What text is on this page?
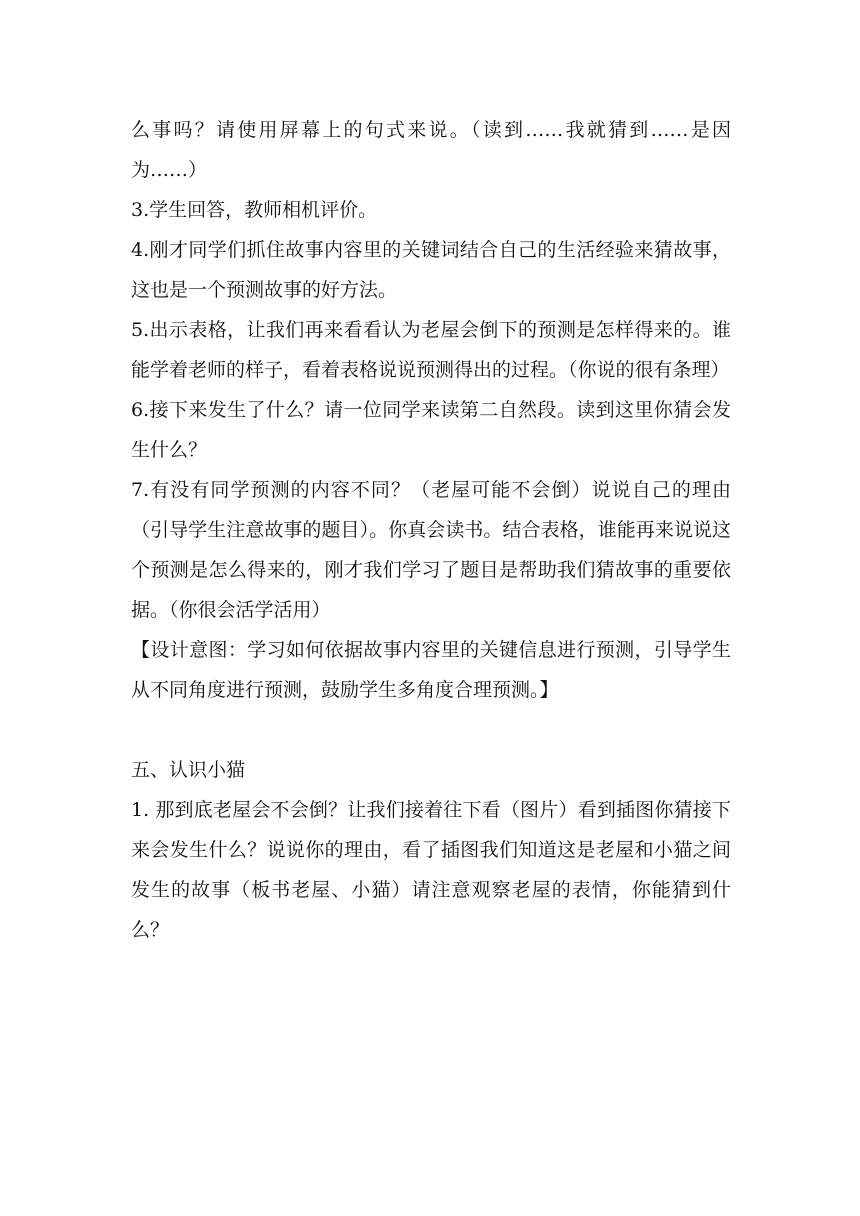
么事吗？请使用屏幕上的句式来说。（读到……我就猜到……是因为……）

3.学生回答，教师相机评价。

4.刚才同学们抓住故事内容里的关键词结合自己的生活经验来猜故事，这也是一个预测故事的好方法。

5.出示表格，让我们再来看看认为老屋会倒下的预测是怎样得来的。谁能学着老师的样子，看着表格说说预测得出的过程。（你说的很有条理）

6.接下来发生了什么？请一位同学来读第二自然段。读到这里你猜会发生什么？

7.有没有同学预测的内容不同？（老屋可能不会倒）说说自己的理由（引导学生注意故事的题目）。你真会读书。结合表格，谁能再来说说这个预测是怎么得来的，刚才我们学习了题目是帮助我们猜故事的重要依据。（你很会活学活用）

【设计意图：学习如何依据故事内容里的关键信息进行预测，引导学生从不同角度进行预测，鼓励学生多角度合理预测。】

五、认识小猫

1. 那到底老屋会不会倒？让我们接着往下看（图片）看到插图你猜接下来会发生什么？说说你的理由，看了插图我们知道这是老屋和小猫之间发生的故事（板书老屋、小猫）请注意观察老屋的表情，你能猜到什么？
